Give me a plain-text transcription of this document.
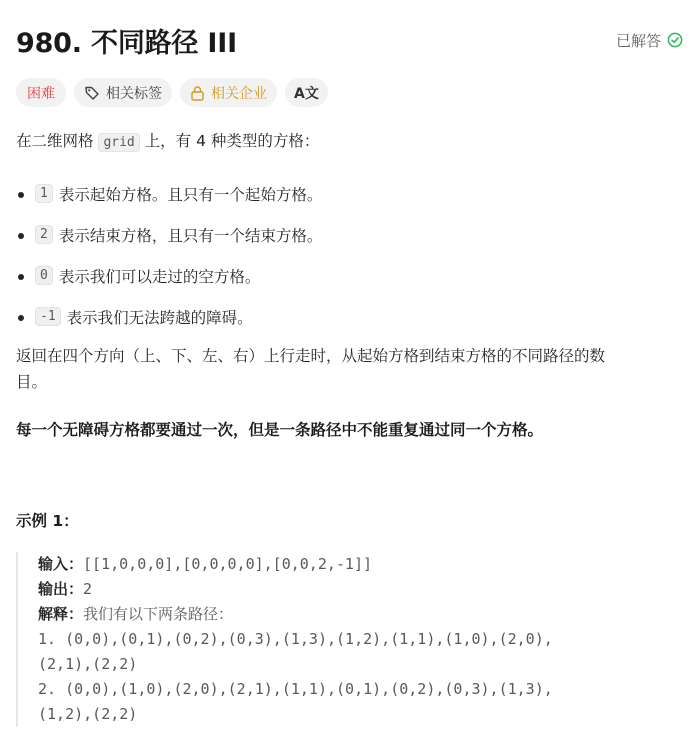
980. 不同路径 III	已解答
困难	相关标签	相关企业 A文
在二维网格 grid 上，有 4 种类型的方格：
1 表示起始方格。且只有一个起始方格。
2 表示结束方格，且只有一个结束方格。
0 表示我们可以走过的空方格。
-1 表示我们无法跨越的障碍。
返回在四个方向（上、下、左、右）上行走时，从起始方格到结束方格的不同路径的数
目。
每一个无障碍方格都要通过一次，但是一条路径中不能重复通过同一个方格。
示例 1：
输入：[[1,0,0,0],[0,0,0,0],[0,0,2,-1]]
输出：2
解释：我们有以下两条路径：
1. (0,0),(0,1),(0,2),(0,3),(1,3),(1,2),(1,1),(1,0),(2,0),
(2,1),(2,2)
2. (0,0),(1,0),(2,0),(2,1),(1,1),(0,1),(0,2),(0,3),(1,3),
(1,2),(2,2)
